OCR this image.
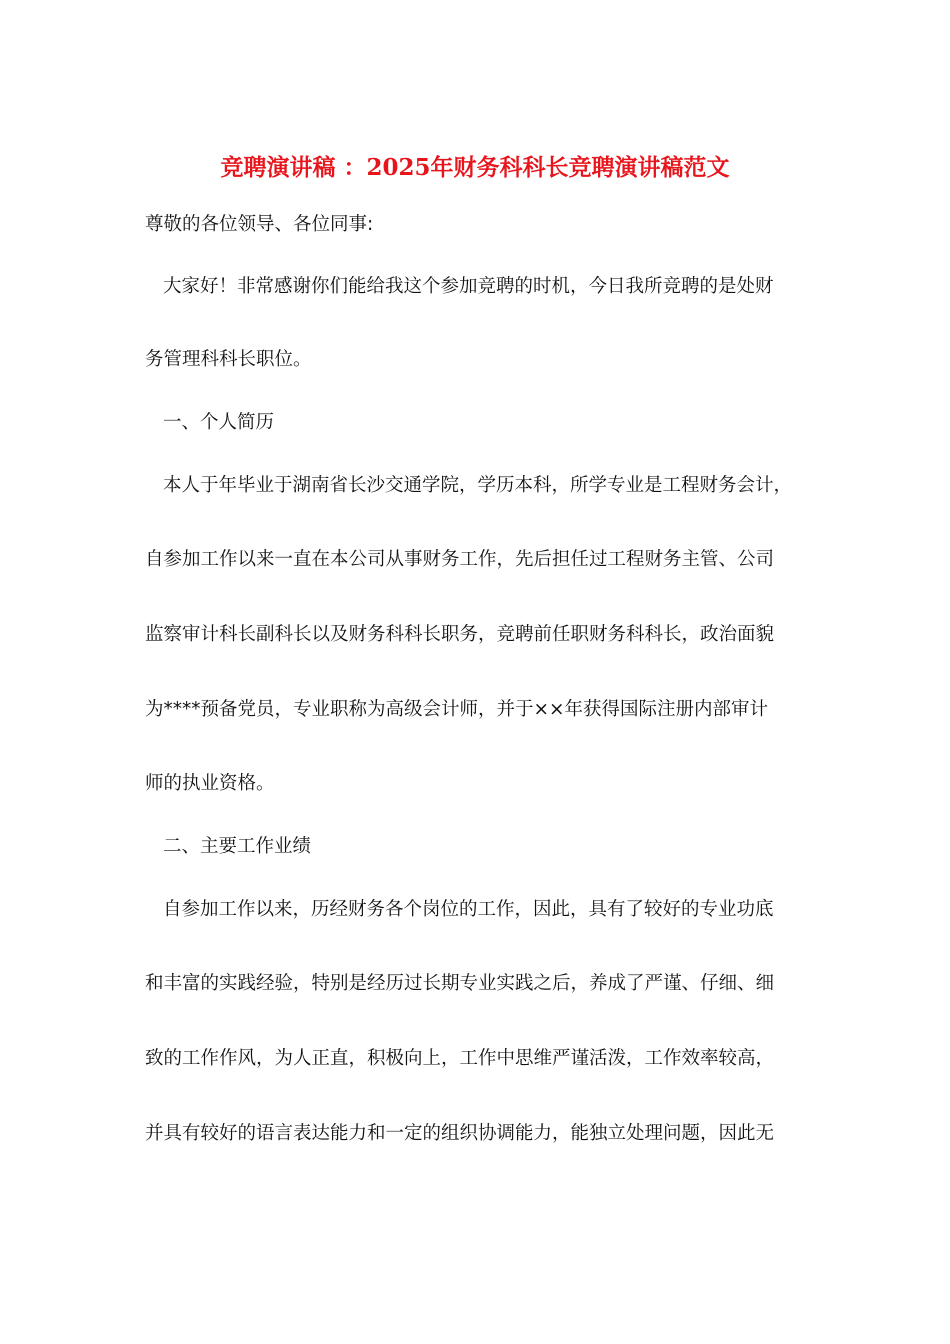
竞聘演讲稿 ：2025年财务科科长竞聘演讲稿范文
尊敬的各位领导、各位同事:
大家好！非常感谢你们能给我这个参加竞聘的时机，今日我所竞聘的是处财
务管理科科长职位。
一、个人简历
本人于年毕业于湖南省长沙交通学院，学历本科，所学专业是工程财务会计，
自参加工作以来一直在本公司从事财务工作，先后担任过工程财务主管、公司
监察审计科长副科长以及财务科科长职务，竞聘前任职财务科科长，政治面貌
为****预备党员，专业职称为高级会计师，并于××年获得国际注册内部审计
师的执业资格。
二、主要工作业绩
自参加工作以来，历经财务各个岗位的工作，因此，具有了较好的专业功底
和丰富的实践经验，特别是经历过长期专业实践之后，养成了严谨、仔细、细
致的工作作风，为人正直，积极向上，工作中思维严谨活泼，工作效率较高，
并具有较好的语言表达能力和一定的组织协调能力，能独立处理问题，因此无
